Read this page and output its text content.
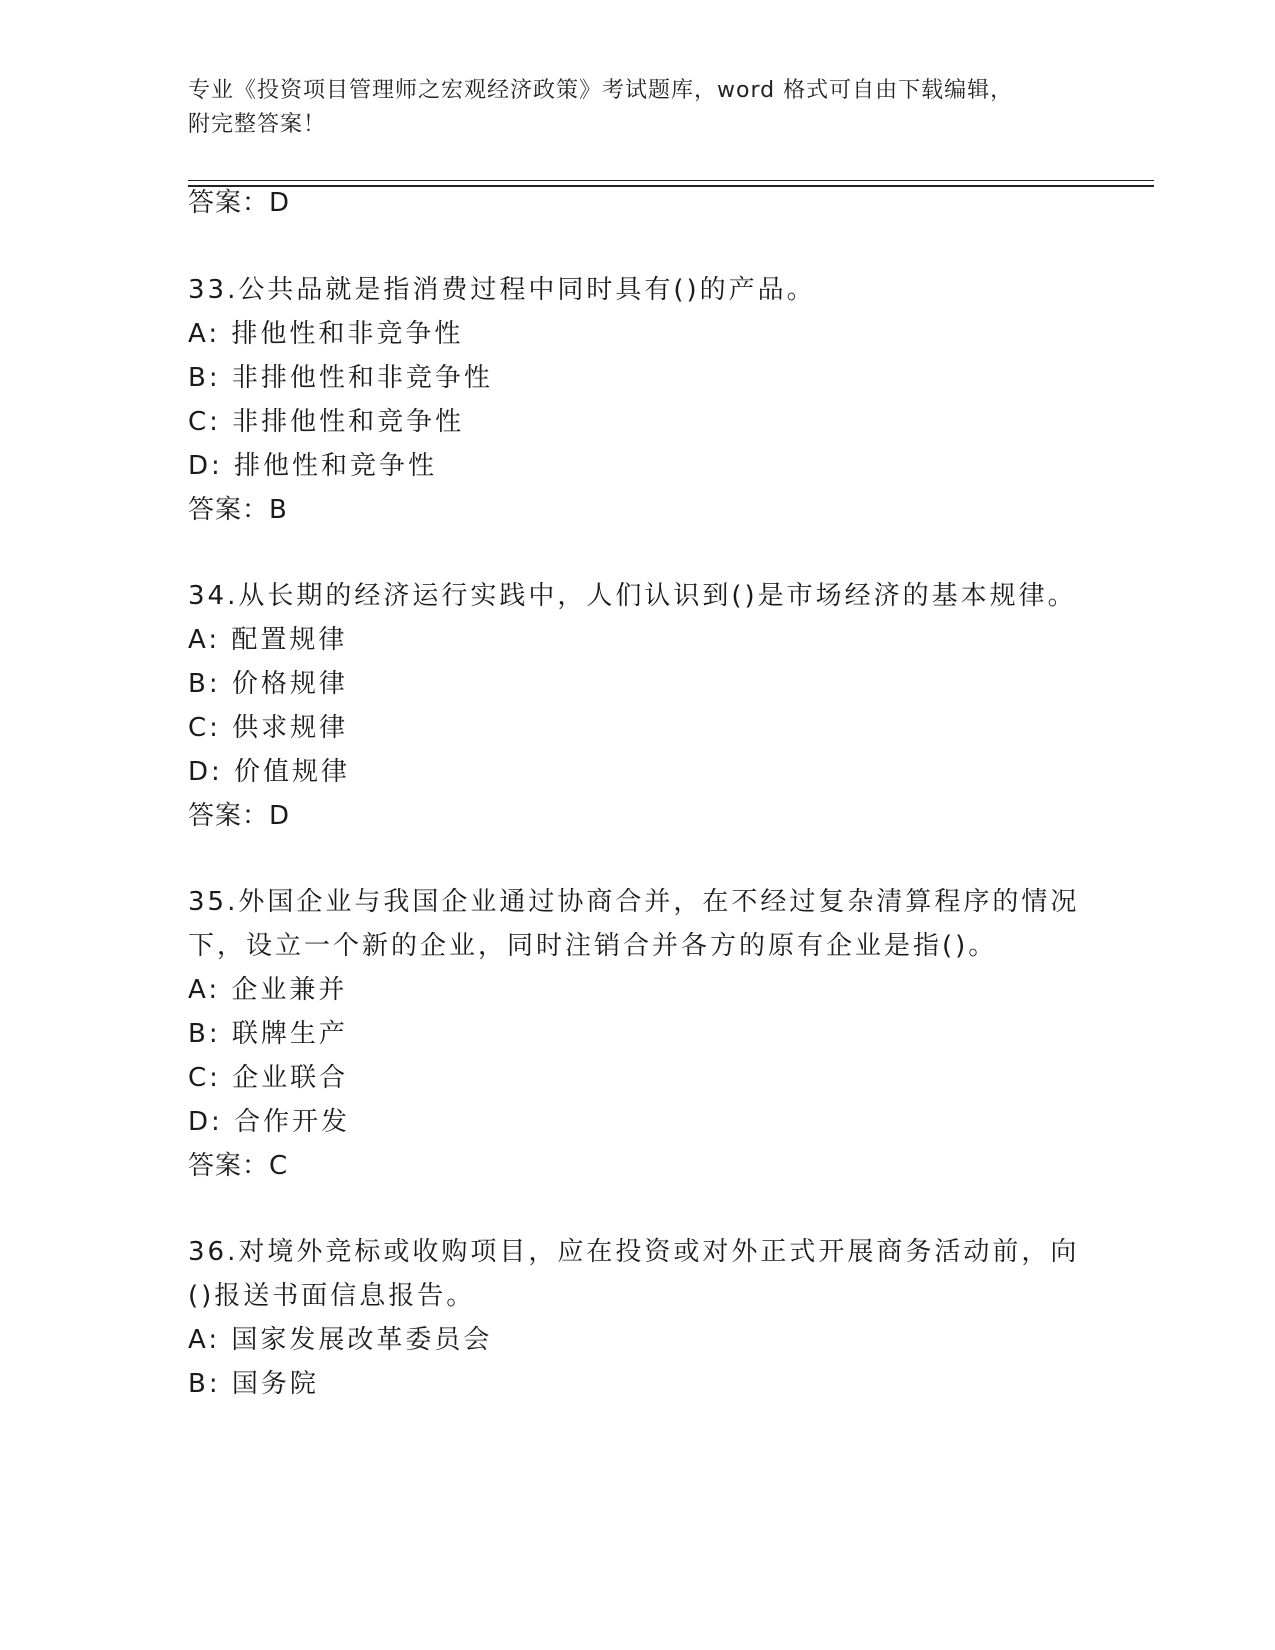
专业《投资项目管理师之宏观经济政策》考试题库，word 格式可自由下载编辑，
附完整答案！
答案：D
33.公共品就是指消费过程中同时具有()的产品。
A: 排他性和非竞争性
B: 非排他性和非竞争性
C: 非排他性和竞争性
D: 排他性和竞争性
答案：B
34.从长期的经济运行实践中，人们认识到()是市场经济的基本规律。
A: 配置规律
B: 价格规律
C: 供求规律
D: 价值规律
答案：D
35.外国企业与我国企业通过协商合并，在不经过复杂清算程序的情况
下，设立一个新的企业，同时注销合并各方的原有企业是指()。
A: 企业兼并
B: 联牌生产
C: 企业联合
D: 合作开发
答案：C
36.对境外竞标或收购项目，应在投资或对外正式开展商务活动前，向
()报送书面信息报告。
A: 国家发展改革委员会
B: 国务院
